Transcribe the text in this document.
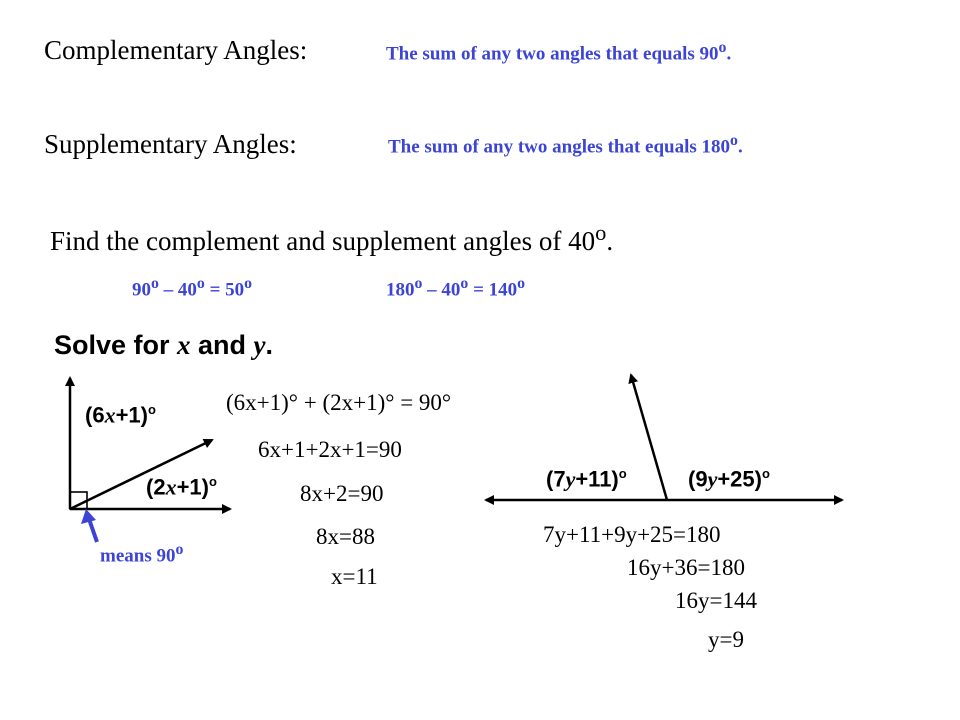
Complementary Angles:	The sum of any two angles that equals 90$^o$.
Supplementary Angles:	The sum of any two angles that equals 180$^o$.
Find the complement and supplement angles of 40$^o$.
$90^o - 40^o = 50^o$	$180^o - 40^o = 140^o$
Solve for x and y.
$(6x+1)^o$
$(2x+1)^o$
means 90$^o$
(6x+1)° + (2x+1)° = 90°
6x+1+2x+1=90
8x+2=90
8x=88
x=11
$(7y+11)^o$	$(9y+25)^o$
7y+11+9y+25=180
16y+36=180
16y=144
y=9
